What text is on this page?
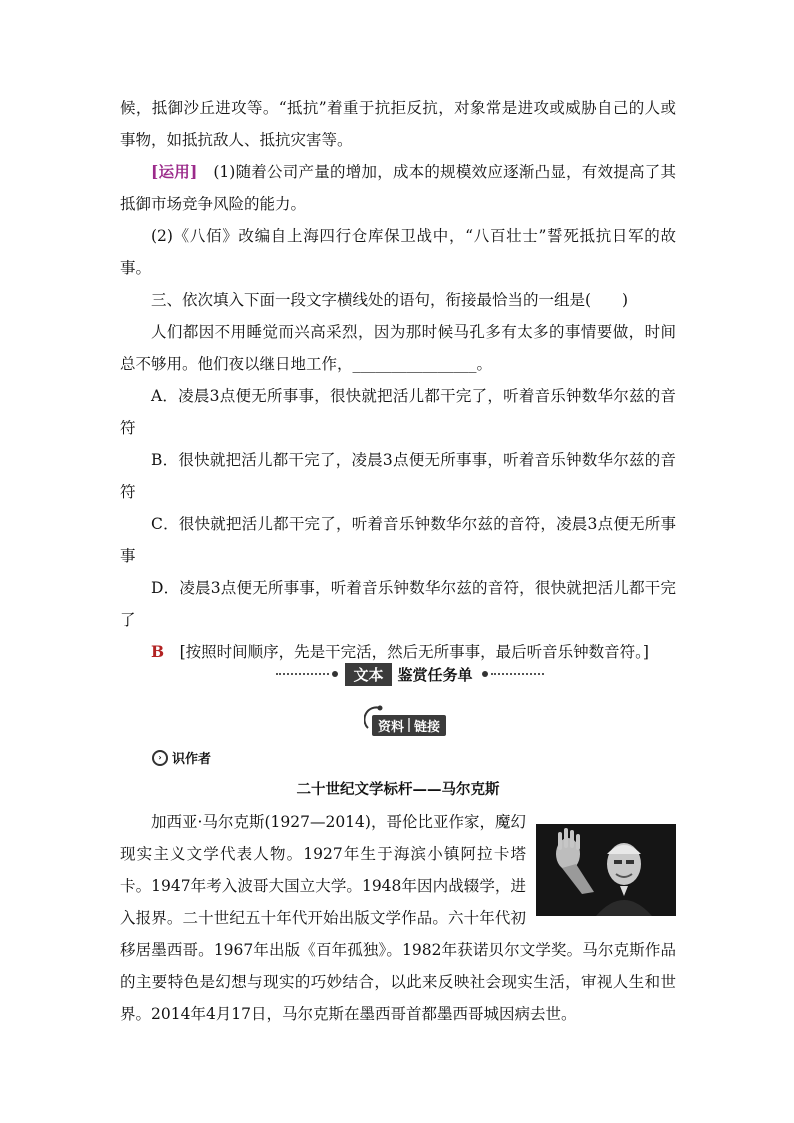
候，抵御沙丘进攻等。“抵抗”着重于抗拒反抗，对象常是进攻或威胁自己的人或事物，如抵抗敌人、抵抗灾害等。

[运用]　 (1)随着公司产量的增加，成本的规模效应逐渐凸显，有效提高了其抵御市场竞争风险的能力。

(2)《八佰》改编自上海四行仓库保卫战中，“八百壮士”誓死抵抗日军的故事。

三、依次填入下面一段文字横线处的语句，衔接最恰当的一组是(　　)

人们都因不用睡觉而兴高采烈，因为那时候马孔多有太多的事情要做，时间总不够用。他们夜以继日地工作，________________。

A．凌晨3点便无所事事，很快就把活儿都干完了，听着音乐钟数华尔兹的音符

B．很快就把活儿都干完了，凌晨3点便无所事事，听着音乐钟数华尔兹的音符

C．很快就把活儿都干完了，听着音乐钟数华尔兹的音符，凌晨3点便无所事事

D．凌晨3点便无所事事，听着音乐钟数华尔兹的音符，很快就把活儿都干完了

B　 [按照时间顺序，先是干完活，然后无所事事，最后听音乐钟数音符。]

文本 鉴赏任务单
资料 链接
› 识作者
二十世纪文学标杆——马尔克斯

加西亚·马尔克斯(1927—2014)，哥伦比亚作家，魔幻现实主义文学代表人物。1927年生于海滨小镇阿拉卡塔卡。1947年考入波哥大国立大学。1948年因内战辍学，进入报界。二十世纪五十年代开始出版文学作品。六十年代初移居墨西哥。1967年出版《百年孤独》。1982年获诺贝尔文学奖。马尔克斯作品的主要特色是幻想与现实的巧妙结合，以此来反映社会现实生活，审视人生和世界。2014年4月17日，马尔克斯在墨西哥首都墨西哥城因病去世。
